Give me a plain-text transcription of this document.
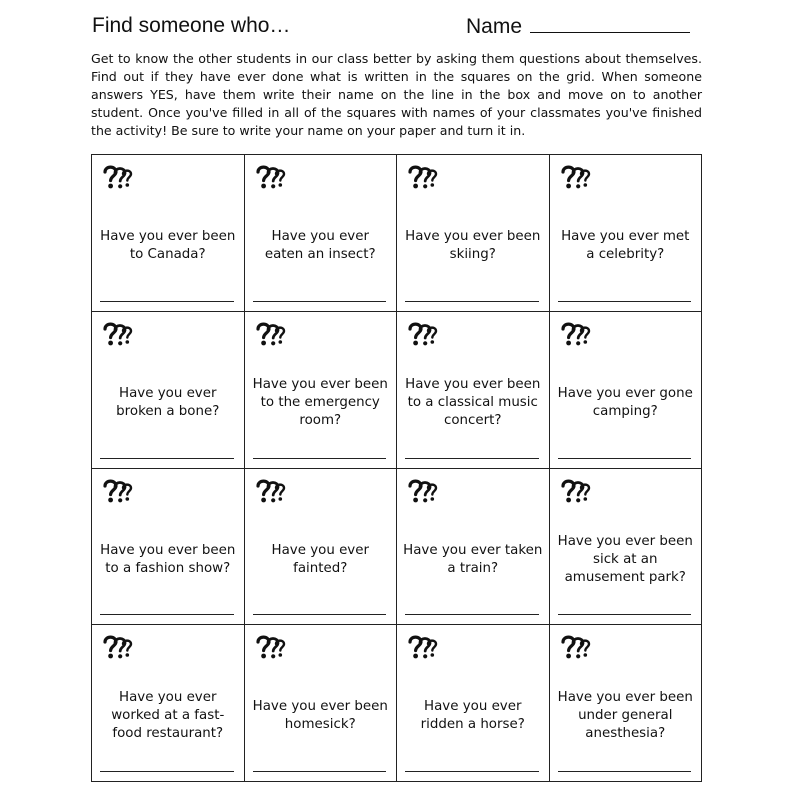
Find someone who…	Name

Get to know the other students in our class better by asking them questions about themselves. Find out if they have ever done what is written in the squares on the grid. When someone answers YES, have them write their name on the line in the box and move on to another student. Once you've filled in all of the squares with names of your classmates you've finished the activity! Be sure to write your name on your paper and turn it in.

Have you ever been to Canada?
Have you ever eaten an insect?
Have you ever been skiing?
Have you ever met a celebrity?
Have you ever broken a bone?
Have you ever been to the emergency room?
Have you ever been to a classical music concert?
Have you ever gone camping?
Have you ever been to a fashion show?
Have you ever fainted?
Have you ever taken a train?
Have you ever been sick at an amusement park?
Have you ever worked at a fast-food restaurant?
Have you ever been homesick?
Have you ever ridden a horse?
Have you ever been under general anesthesia?
